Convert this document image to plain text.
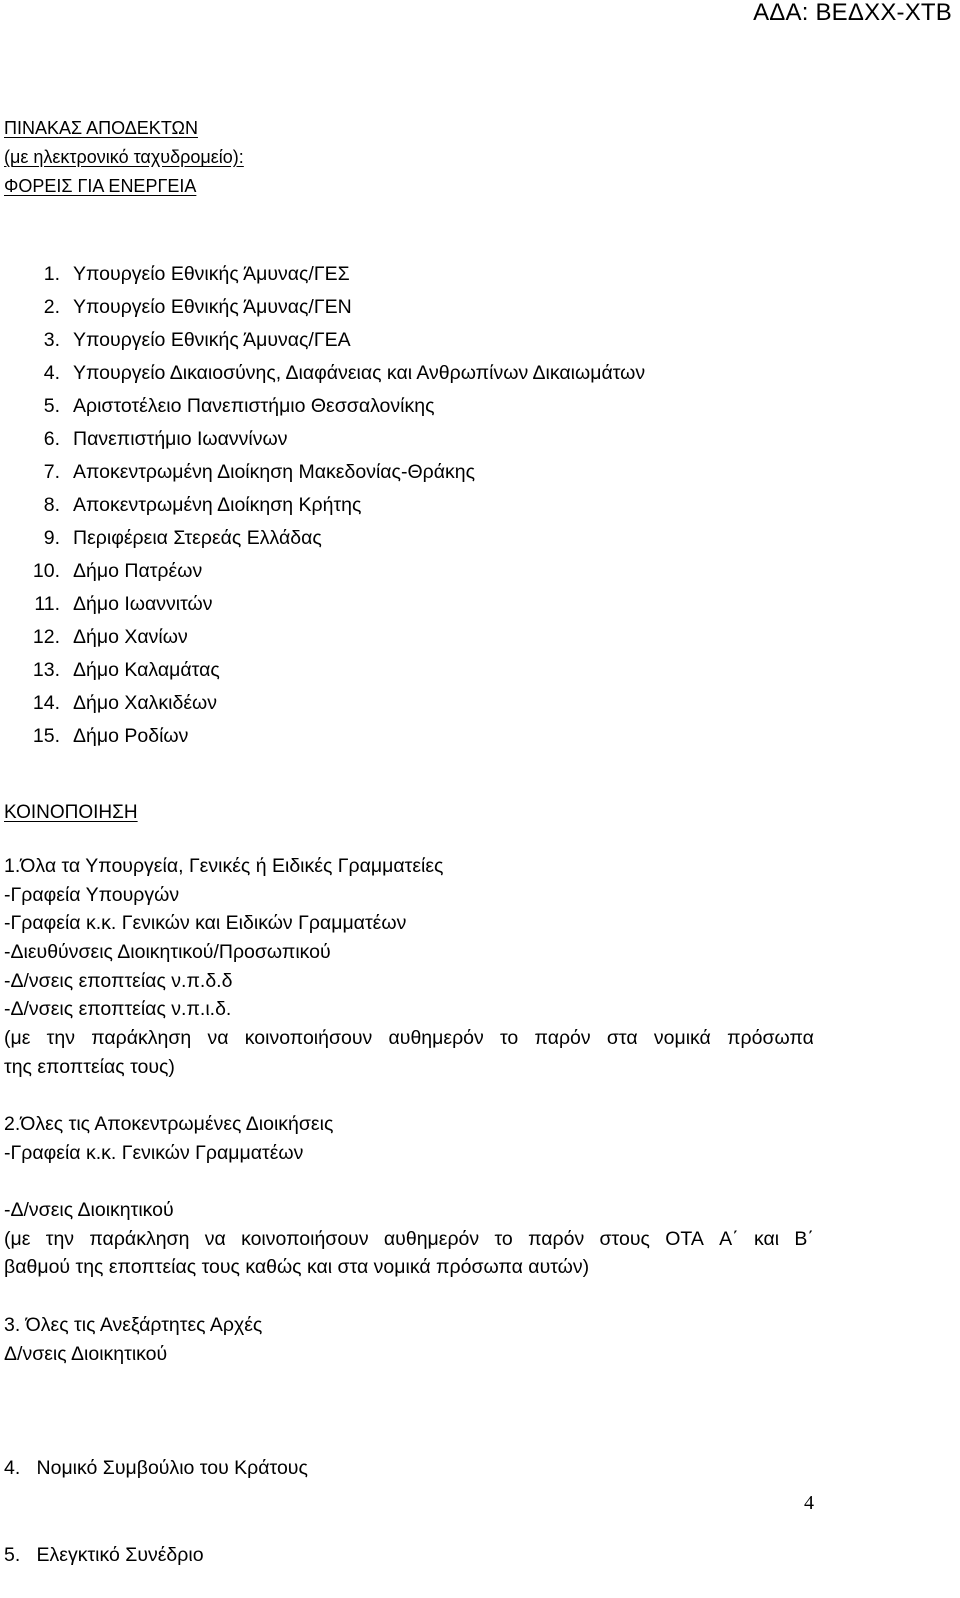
ΑΔΑ: ΒΕΔΧΧ-ΧΤΒ
ΠΙΝΑΚΑΣ ΑΠΟΔΕΚΤΩΝ
(με ηλεκτρονικό ταχυδρομείο):
ΦΟΡΕΙΣ ΓΙΑ ΕΝΕΡΓΕΙΑ
1. Υπουργείο Εθνικής Άμυνας/ΓΕΣ
2. Υπουργείο Εθνικής Άμυνας/ΓΕΝ
3. Υπουργείο Εθνικής Άμυνας/ΓΕΑ
4. Υπουργείο Δικαιοσύνης, Διαφάνειας και Ανθρωπίνων Δικαιωμάτων
5. Αριστοτέλειο Πανεπιστήμιο Θεσσαλονίκης
6. Πανεπιστήμιο Ιωαννίνων
7. Αποκεντρωμένη Διοίκηση Μακεδονίας-Θράκης
8. Αποκεντρωμένη Διοίκηση Κρήτης
9. Περιφέρεια Στερεάς Ελλάδας
10. Δήμο Πατρέων
11. Δήμο Ιωαννιτών
12. Δήμο Χανίων
13. Δήμο Καλαμάτας
14. Δήμο Χαλκιδέων
15. Δήμο Ροδίων
ΚΟΙΝΟΠΟΙΗΣΗ
1.Όλα τα Υπουργεία, Γενικές ή Ειδικές Γραμματείες
-Γραφεία Υπουργών
-Γραφεία κ.κ. Γενικών και Ειδικών Γραμματέων
-Διευθύνσεις Διοικητικού/Προσωπικού
-Δ/νσεις εποπτείας ν.π.δ.δ
-Δ/νσεις εποπτείας ν.π.ι.δ.
(με την παράκληση να κοινοποιήσουν αυθημερόν το παρόν στα νομικά πρόσωπα
της εποπτείας τους)
2.Όλες τις Αποκεντρωμένες Διοικήσεις
-Γραφεία κ.κ. Γενικών Γραμματέων
-Δ/νσεις Διοικητικού
(με την παράκληση να κοινοποιήσουν αυθημερόν το παρόν στους ΟΤΑ Α΄ και Β΄
βαθμού της εποπτείας τους καθώς και στα νομικά πρόσωπα αυτών)
3. Όλες τις Ανεξάρτητες Αρχές
Δ/νσεις Διοικητικού

4.   Νομικό Συμβούλιο του Κράτους

5.   Ελεγκτικό Συνέδριο

4
